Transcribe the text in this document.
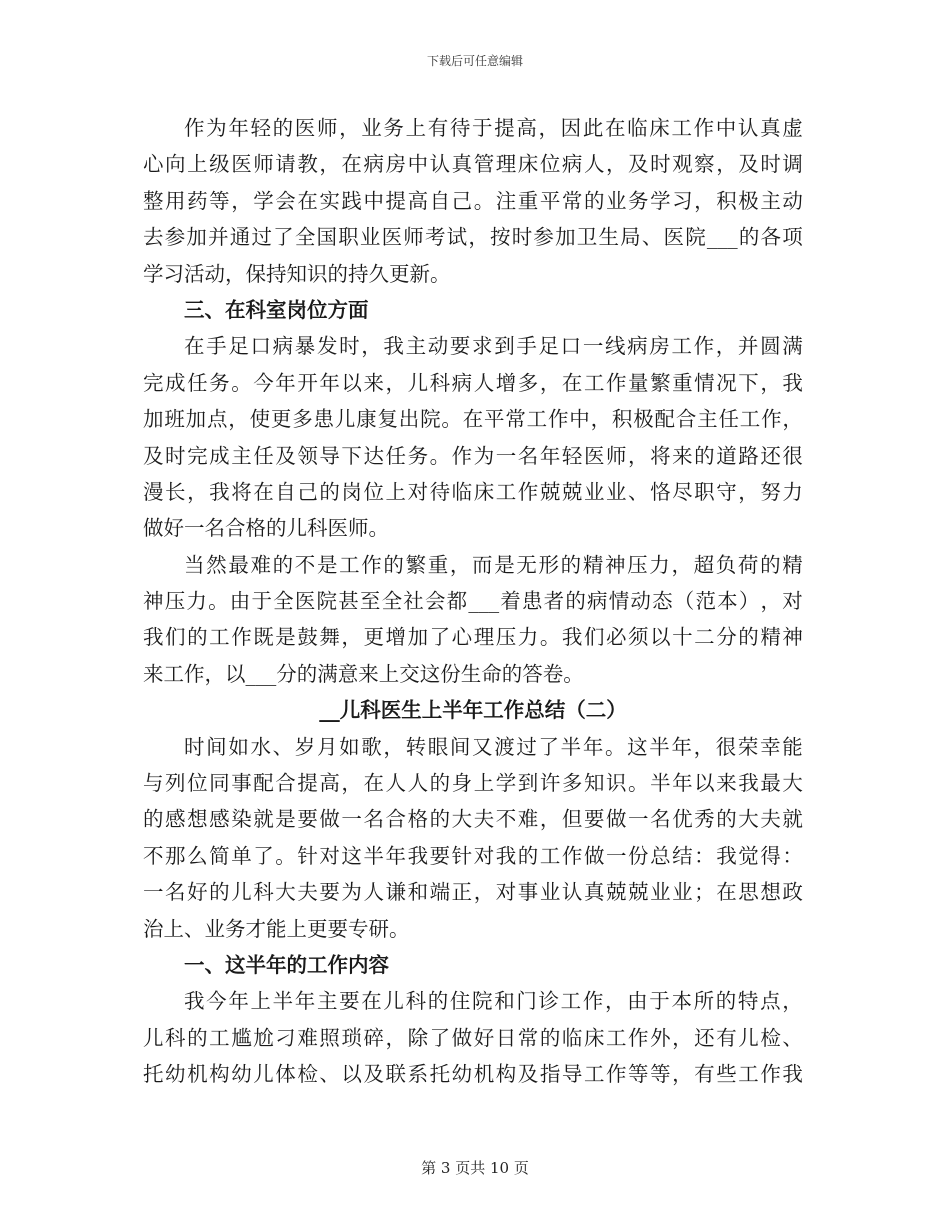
下载后可任意编辑
作 为 年 轻 的 医 师 ， 业 务 上 有 待 于 提 高 ， 因 此 在 临 床 工 作 中 认 真 虚
心 向 上 级 医 师 请 教 ， 在 病 房 中 认 真 管 理 床 位 病 人 ， 及 时 观 察 ， 及 时 调
整 用 药 等 ， 学 会 在 实 践 中 提 高 自 己 。 注 重 平 常 的 业 务 学 习 ， 积 极 主 动
去 参 加 并 通 过 了 全 国 职 业 医 师 考 试 ， 按 时 参 加 卫 生 局 、 医 院 ___ 的 各 项
学习活动，保持知识的持久更新。
三、在科室岗位方面
在 手 足 口 病 暴 发 时 ， 我 主 动 要 求 到 手 足 口 一 线 病 房 工 作 ， 并 圆 满
完 成 任 务 。 今 年 开 年 以 来 ， 儿 科 病 人 增 多 ， 在 工 作 量 繁 重 情 况 下 ， 我
加 班 加 点 ， 使 更 多 患 儿 康 复 出 院 。 在 平 常 工 作 中 ， 积 极 配 合 主 任 工 作 ，
及 时 完 成 主 任 及 领 导 下 达 任 务 。 作 为 一 名 年 轻 医 师 ， 将 来 的 道 路 还 很
漫 长 ， 我 将 在 自 己 的 岗 位 上 对 待 临 床 工 作 兢 兢 业 业 、 恪 尽 职 守 ， 努 力
做好一名合格的儿科医师。
当 然 最 难 的 不 是 工 作 的 繁 重 ， 而 是 无 形 的 精 神 压 力 ， 超 负 荷 的 精
神 压 力 。 由 于 全 医 院 甚 至 全 社 会 都 ___ 着 患 者 的 病 情 动 态 （ 范 本 ） ， 对
我 们 的 工 作 既 是 鼓 舞 ， 更 增 加 了 心 理 压 力 。 我 们 必 须 以 十 二 分 的 精 神
来工作，以___分的满意来上交这份生命的答卷。
__儿科医生上半年工作总结（二）
时 间 如 水 、 岁 月 如 歌 ， 转 眼 间 又 渡 过 了 半 年 。 这 半 年 ， 很 荣 幸 能
与 列 位 同 事 配 合 提 高 ， 在 人 人 的 身 上 学 到 许 多 知 识 。 半 年 以 来 我 最 大
的 感 想 感 染 就 是 要 做 一 名 合 格 的 大 夫 不 难 ， 但 要 做 一 名 优 秀 的 大 夫 就
不 那 么 简 单 了 。 针 对 这 半 年 我 要 针 对 我 的 工 作 做 一 份 总 结 ： 我 觉 得 ：
一 名 好 的 儿 科 大 夫 要 为 人 谦 和 端 正 ， 对 事 业 认 真 兢 兢 业 业 ； 在 思 想 政
治上、业务才能上更要专研。
一、这半年的工作内容
我 今 年 上 半 年 主 要 在 儿 科 的 住 院 和 门 诊 工 作 ， 由 于 本 所 的 特 点 ，
儿 科 的 工 尴 尬 刁 难 照 琐 碎 ， 除 了 做 好 日 常 的 临 床 工 作 外 ， 还 有 儿 检 、
托 幼 机 构 幼 儿 体 检 、 以 及 联 系 托 幼 机 构 及 指 导 工 作 等 等 ， 有 些 工 作 我
第 3 页共 10 页
